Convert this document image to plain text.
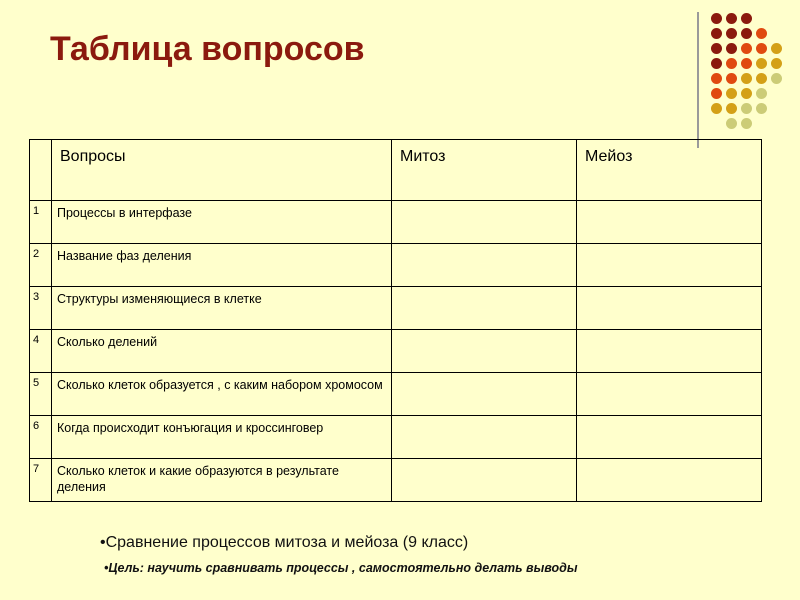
Таблица вопросов
	Вопросы	Митоз	Мейоз
1	Процессы в интерфазе		
2	Название фаз деления		
3	Структуры изменяющиеся в клетке		
4	Сколько делений		
5	Сколько клеток образуется , с каким набором хромосом		
6	Когда происходит конъюгация и кроссинговер		
7	Сколько клеток и какие образуются в результате деления		
•Сравнение процессов митоза и мейоза (9 класс)
•Цель: научить сравнивать процессы , самостоятельно делать выводы
